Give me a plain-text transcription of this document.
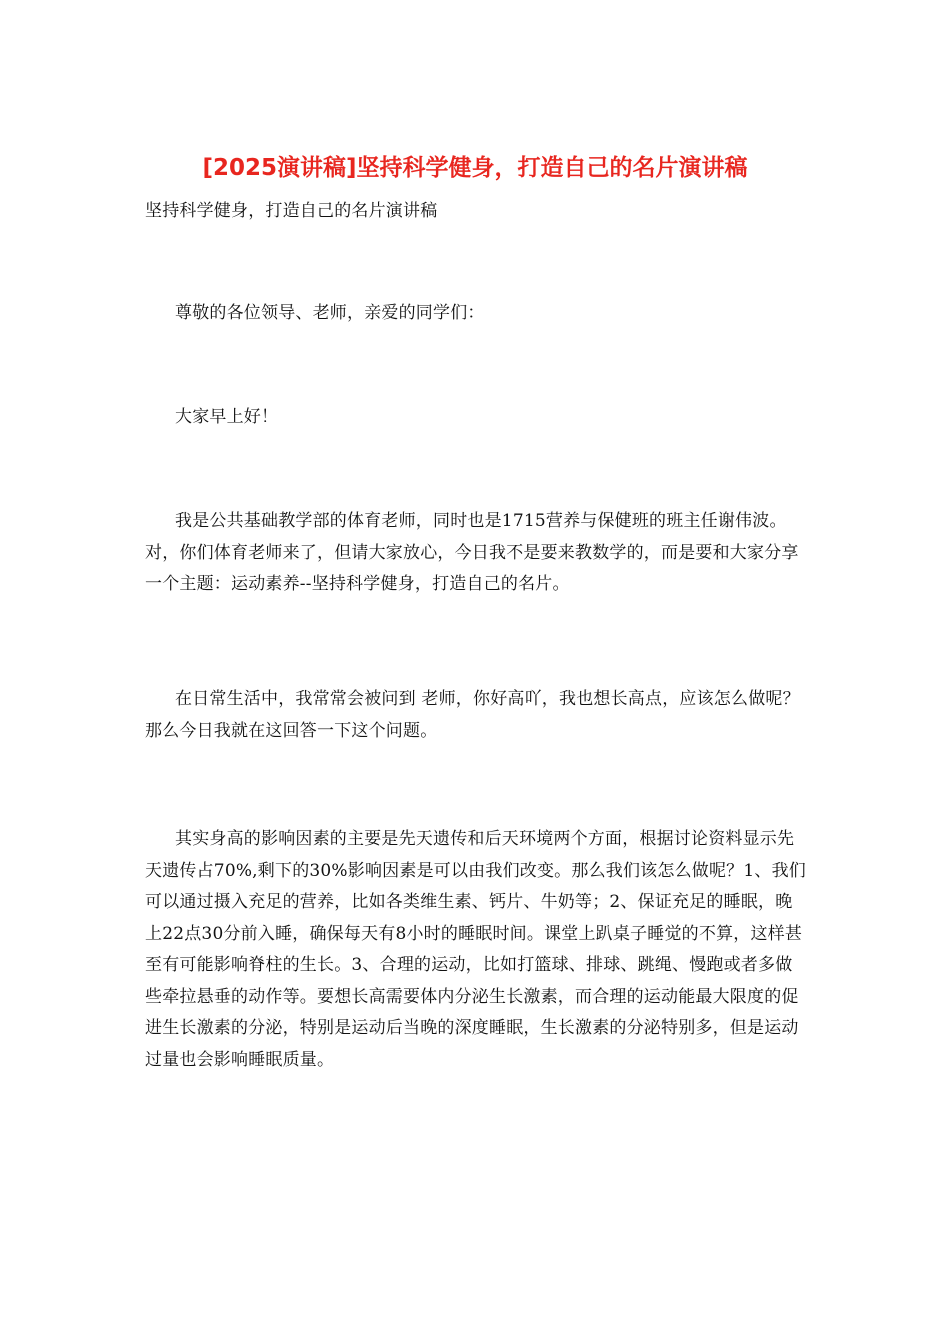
[2025演讲稿]坚持科学健身，打造自己的名片演讲稿

坚持科学健身，打造自己的名片演讲稿

尊敬的各位领导、老师，亲爱的同学们：

大家早上好！

我是公共基础教学部的体育老师，同时也是1715营养与保健班的班主任谢伟波。对，你们体育老师来了，但请大家放心，今日我不是要来教数学的，而是要和大家分享一个主题：运动素养--坚持科学健身，打造自己的名片。

在日常生活中，我常常会被问到 老师，你好高吖，我也想长高点，应该怎么做呢？ 那么今日我就在这回答一下这个问题。

其实身高的影响因素的主要是先天遗传和后天环境两个方面，根据讨论资料显示先天遗传占70%,剩下的30%影响因素是可以由我们改变。那么我们该怎么做呢？1、我们可以通过摄入充足的营养，比如各类维生素、钙片、牛奶等；2、保证充足的睡眠，晚上22点30分前入睡，确保每天有8小时的睡眠时间。课堂上趴桌子睡觉的不算，这样甚至有可能影响脊柱的生长。3、合理的运动，比如打篮球、排球、跳绳、慢跑或者多做些牵拉悬垂的动作等。要想长高需要体内分泌生长激素，而合理的运动能最大限度的促进生长激素的分泌，特别是运动后当晚的深度睡眠，生长激素的分泌特别多，但是运动过量也会影响睡眠质量。
